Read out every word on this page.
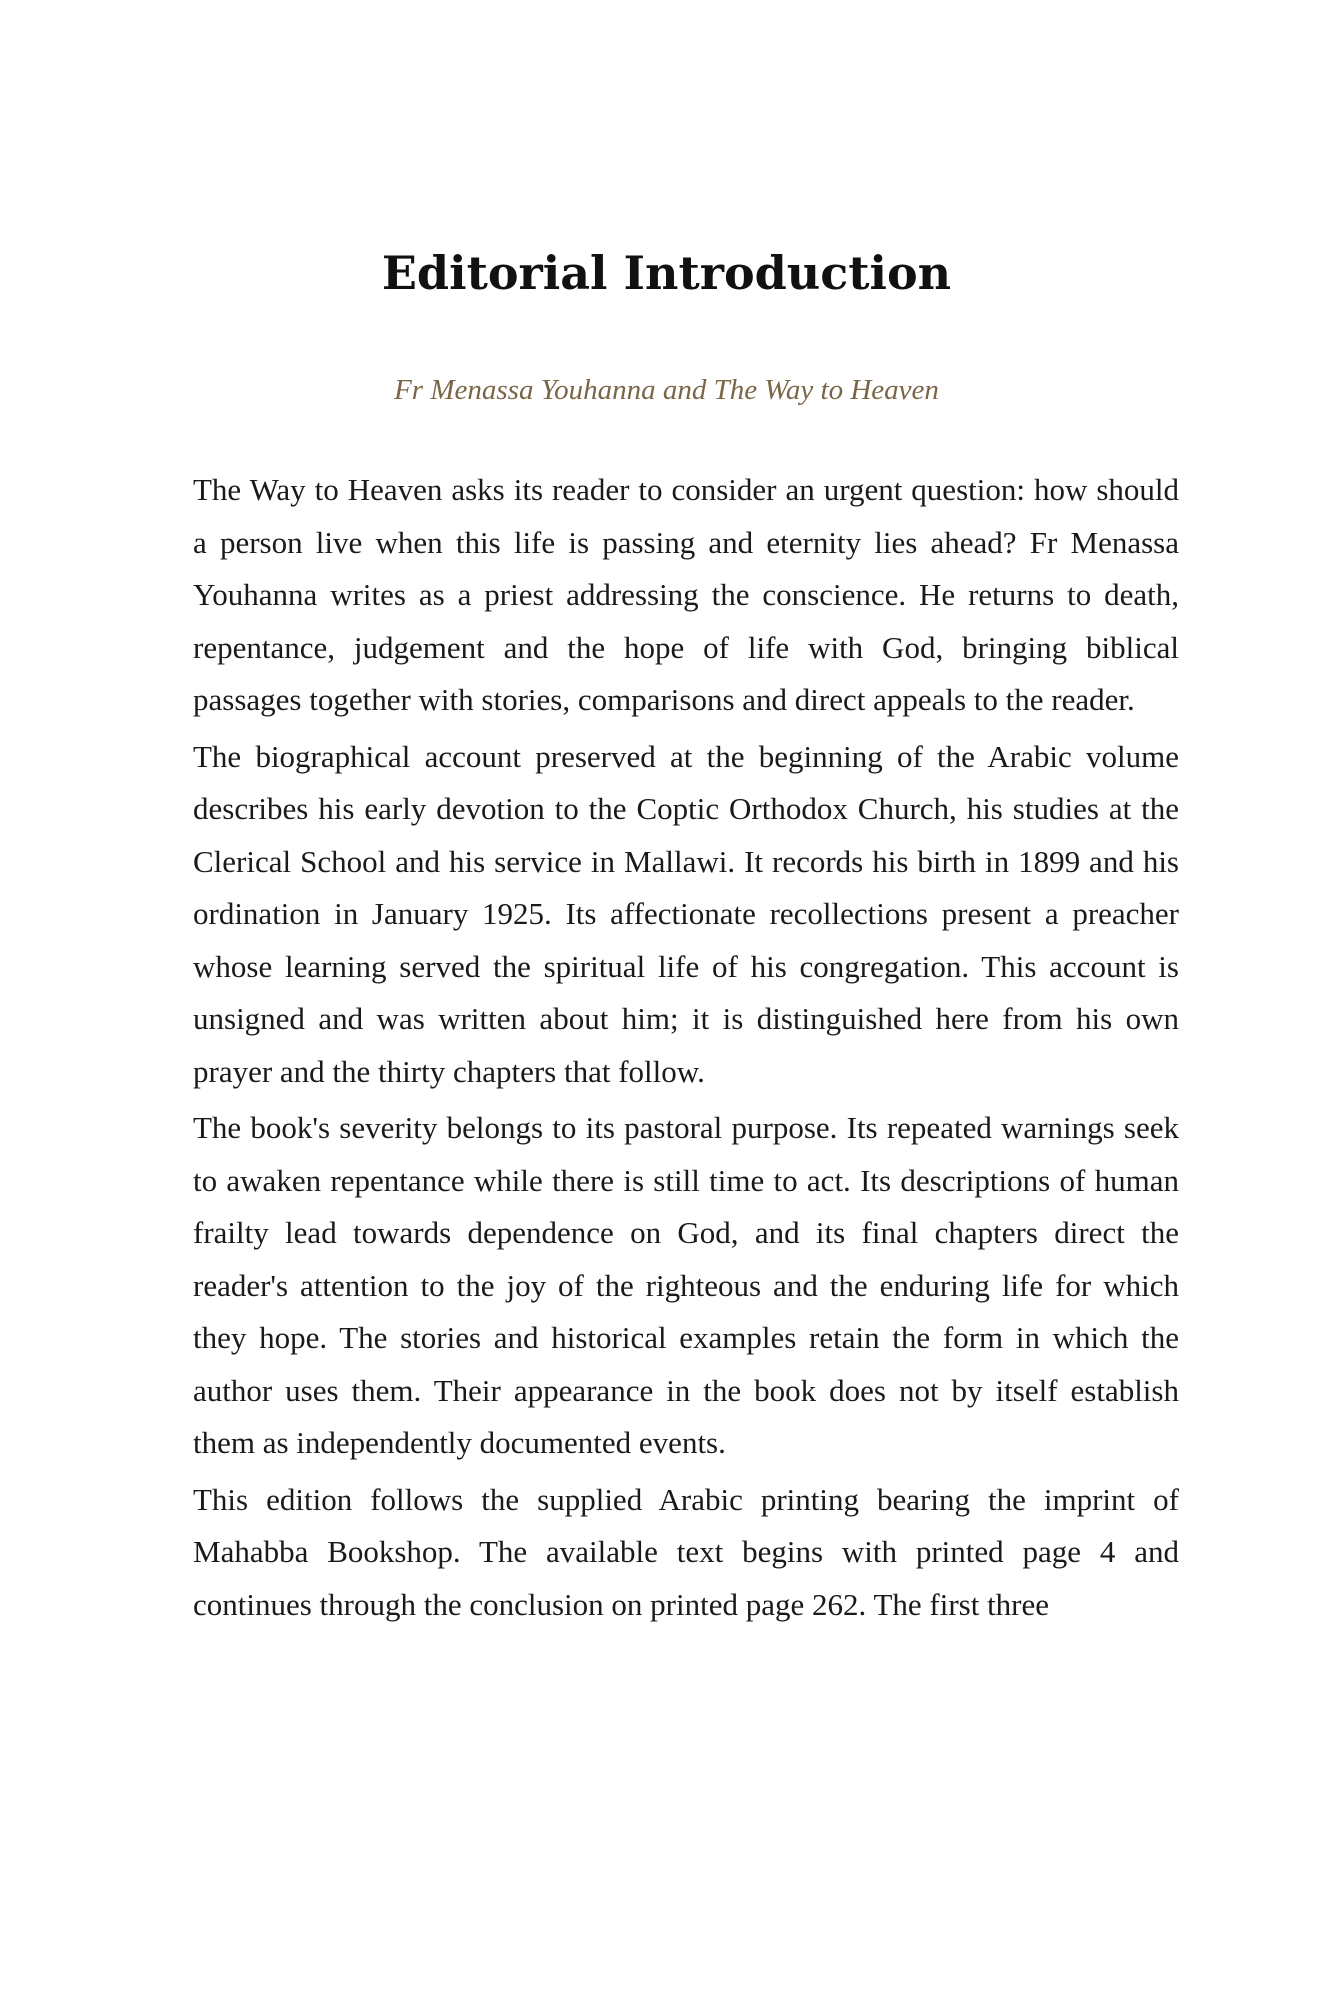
Editorial Introduction
Fr Menassa Youhanna and The Way to Heaven

The Way to Heaven asks its reader to consider an urgent question: how should a person live when this life is passing and eternity lies ahead? Fr Menassa Youhanna writes as a priest addressing the conscience. He returns to death, repentance, judgement and the hope of life with God, bringing biblical passages together with stories, comparisons and direct appeals to the reader.

The biographical account preserved at the beginning of the Arabic volume describes his early devotion to the Coptic Orthodox Church, his studies at the Clerical School and his service in Mallawi. It records his birth in 1899 and his ordination in January 1925. Its affectionate recollections present a preacher whose learning served the spiritual life of his congregation. This account is unsigned and was written about him; it is distinguished here from his own prayer and the thirty chapters that follow.

The book's severity belongs to its pastoral purpose. Its repeated warnings seek to awaken repentance while there is still time to act. Its descriptions of human frailty lead towards dependence on God, and its final chapters direct the reader's attention to the joy of the righteous and the enduring life for which they hope. The stories and historical examples retain the form in which the author uses them. Their appearance in the book does not by itself establish them as independently documented events.

This edition follows the supplied Arabic printing bearing the imprint of Mahabba Bookshop. The available text begins with printed page 4 and continues through the conclusion on printed page 262. The first three
